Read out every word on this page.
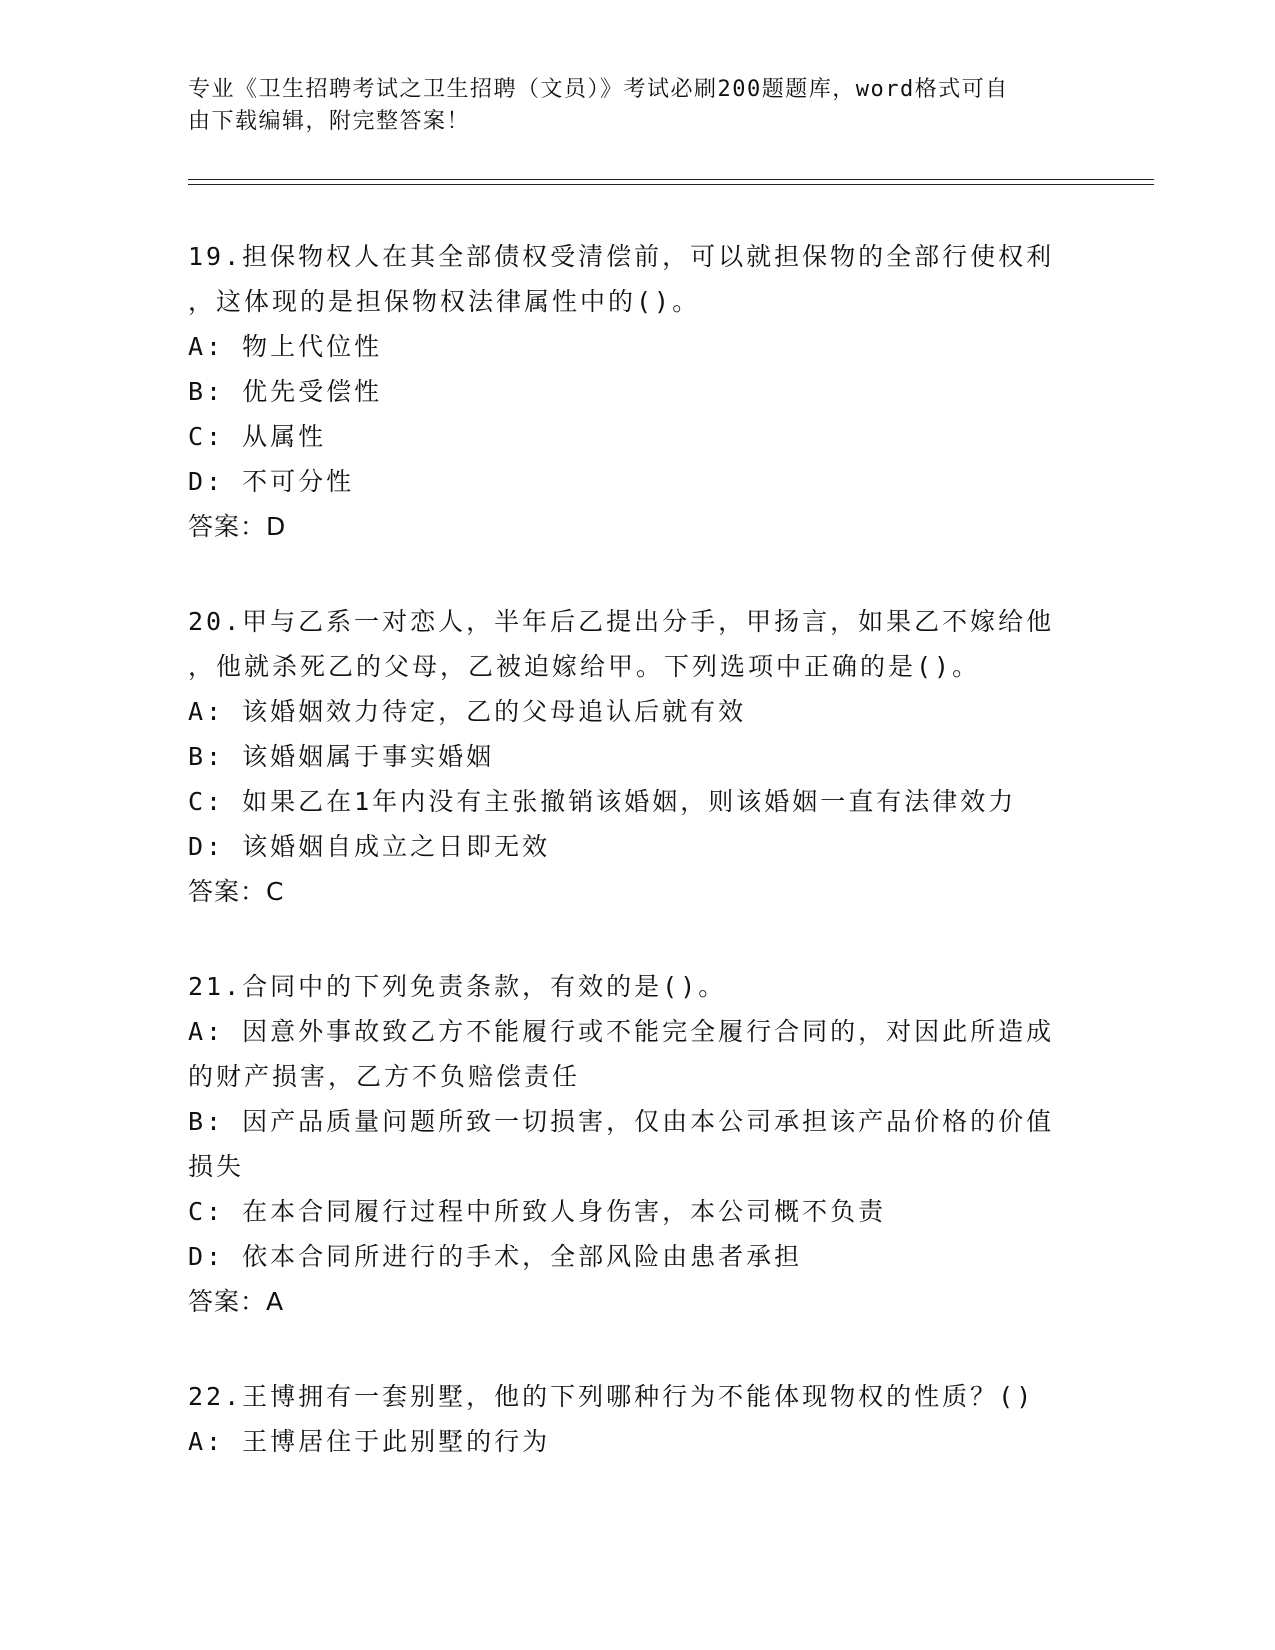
专业《卫生招聘考试之卫生招聘（文员）》考试必刷200题题库，word格式可自
由下载编辑，附完整答案！
19.担保物权人在其全部债权受清偿前，可以就担保物的全部行使权利
，这体现的是担保物权法律属性中的()。
A: 物上代位性
B: 优先受偿性
C: 从属性
D: 不可分性
答案：D
20.甲与乙系一对恋人，半年后乙提出分手，甲扬言，如果乙不嫁给他
，他就杀死乙的父母，乙被迫嫁给甲。下列选项中正确的是()。
A: 该婚姻效力待定，乙的父母追认后就有效
B: 该婚姻属于事实婚姻
C: 如果乙在1年内没有主张撤销该婚姻，则该婚姻一直有法律效力
D: 该婚姻自成立之日即无效
答案：C
21.合同中的下列免责条款，有效的是()。
A: 因意外事故致乙方不能履行或不能完全履行合同的，对因此所造成
的财产损害，乙方不负赔偿责任
B: 因产品质量问题所致一切损害，仅由本公司承担该产品价格的价值
损失
C: 在本合同履行过程中所致人身伤害，本公司概不负责
D: 依本合同所进行的手术，全部风险由患者承担
答案：A
22.王博拥有一套别墅，他的下列哪种行为不能体现物权的性质？()
A: 王博居住于此别墅的行为
